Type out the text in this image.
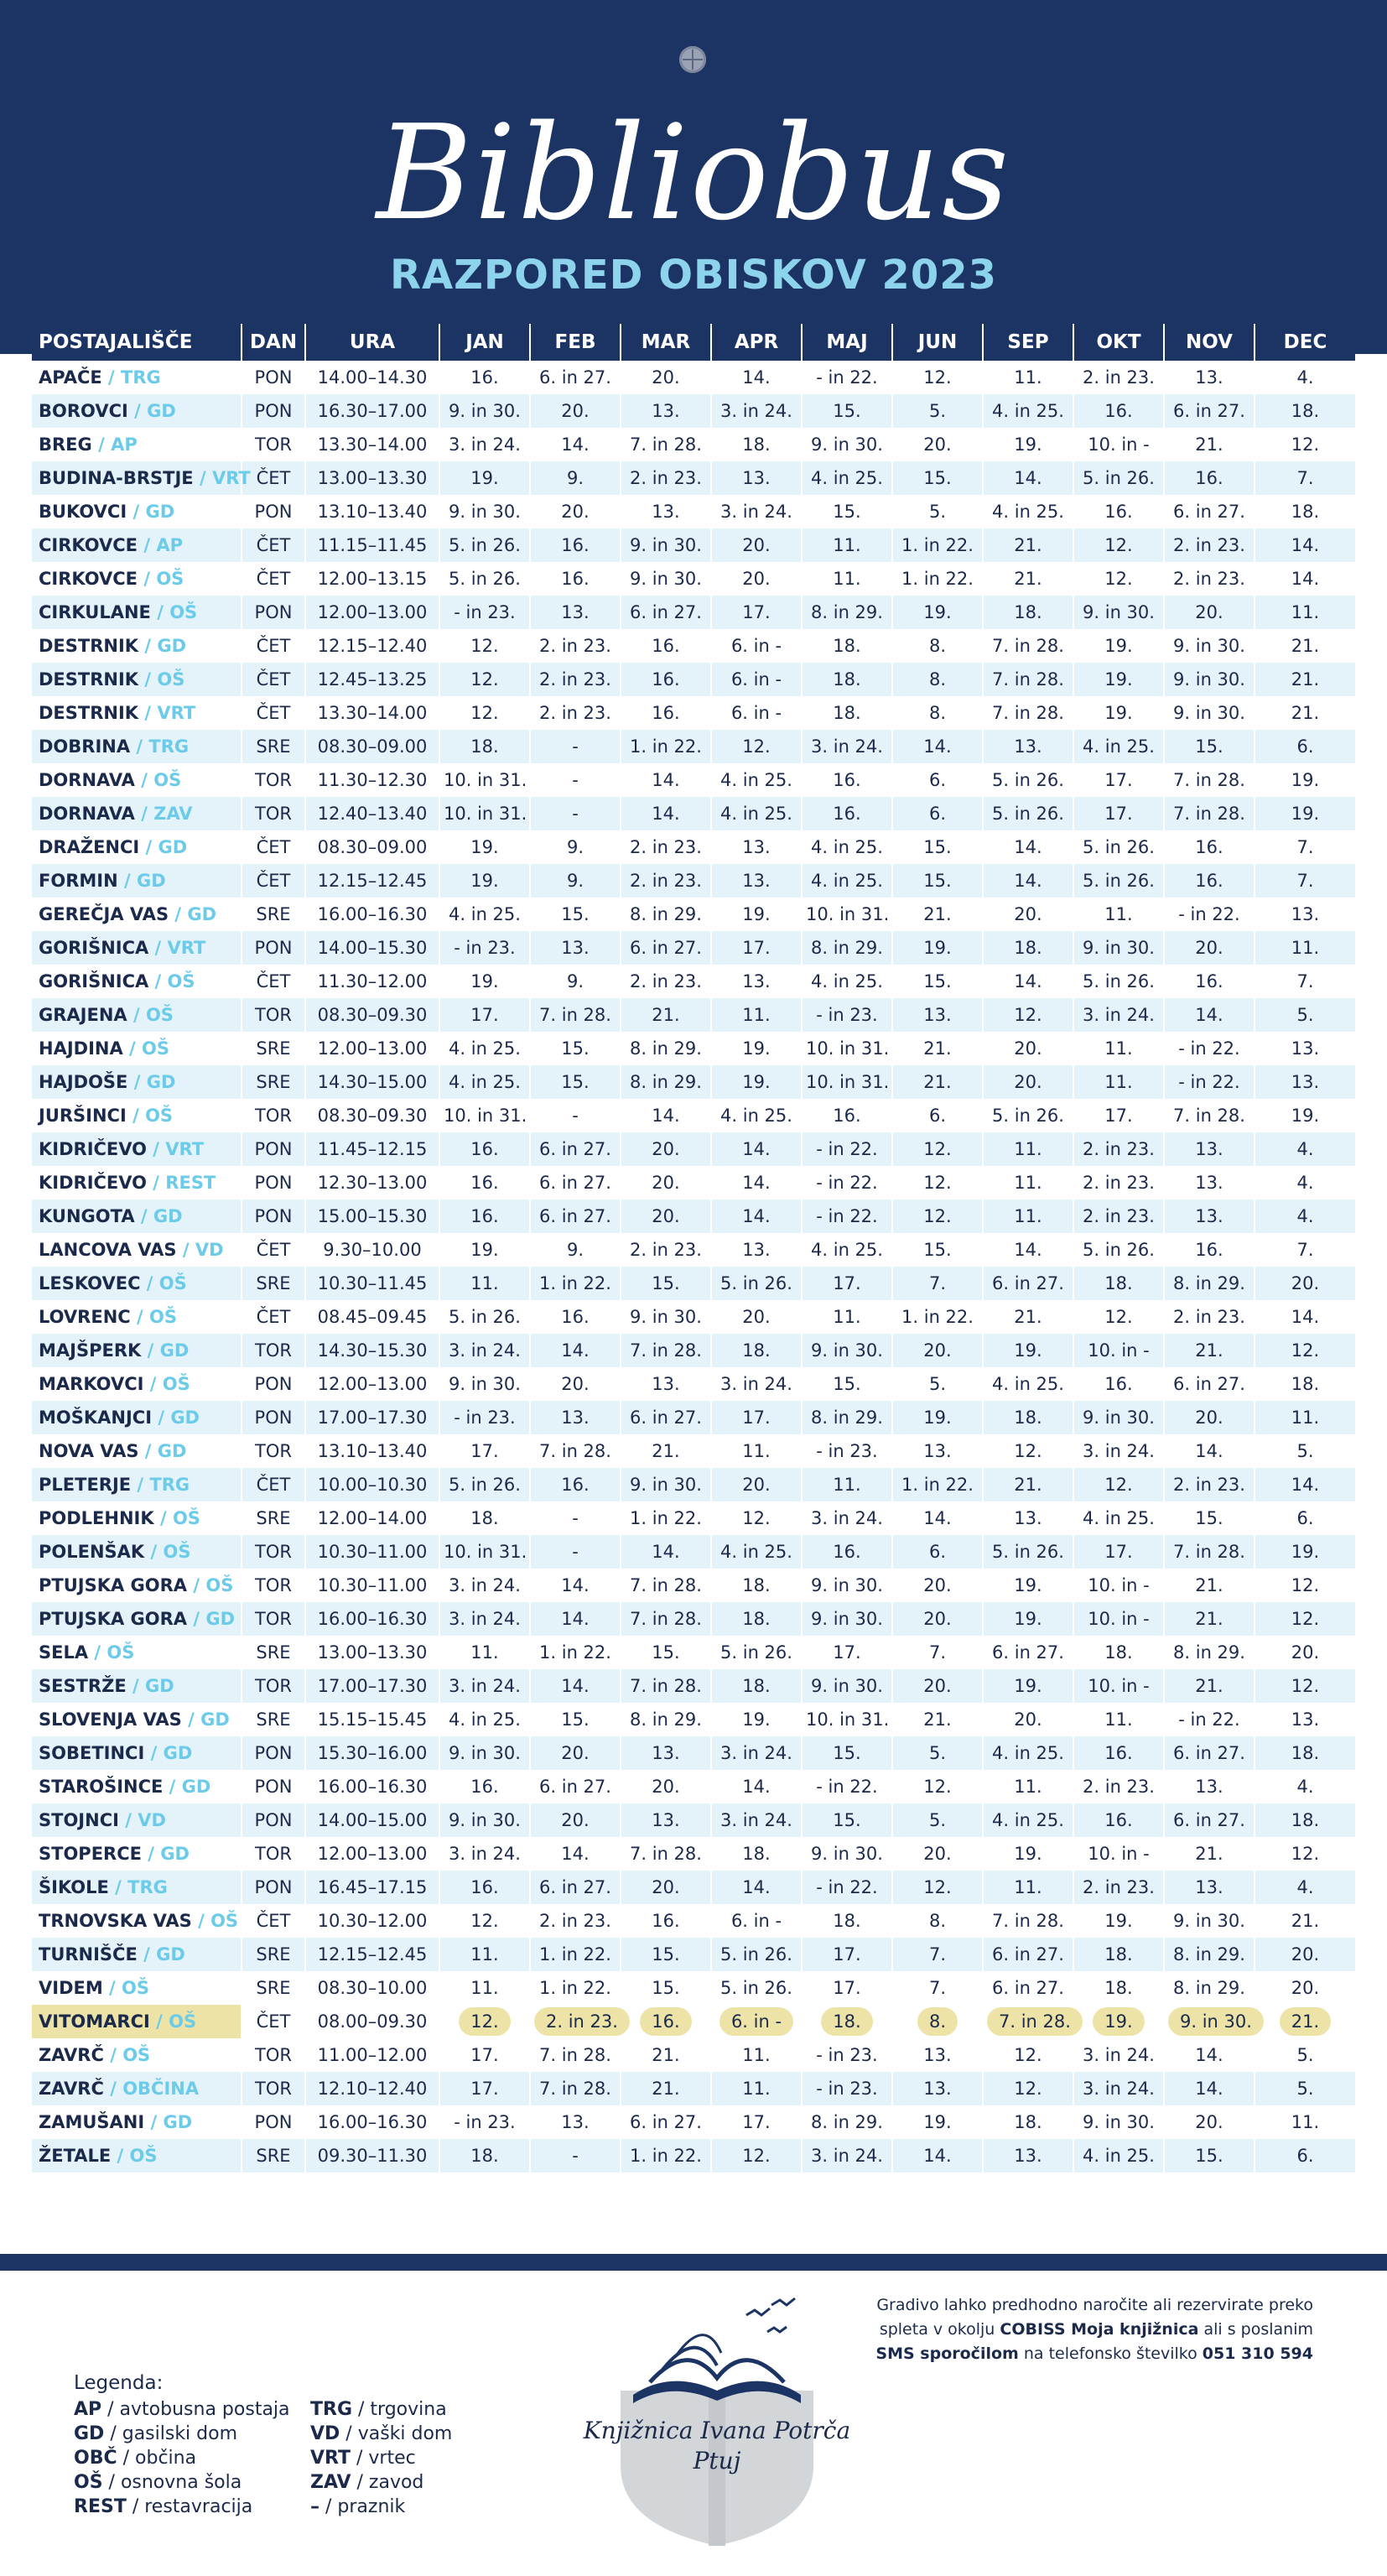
Bibliobus
RAZPORED OBISKOV 2023
POSTAJALIŠČE	DAN	URA	JAN	FEB	MAR	APR	MAJ	JUN	SEP	OKT	NOV	DEC
APAČE / TRG	PON	14.00–14.30	16.	6. in 27.	20.	14.	- in 22.	12.	11.	2. in 23.	13.	4.
BOROVCI / GD	PON	16.30–17.00	9. in 30.	20.	13.	3. in 24.	15.	5.	4. in 25.	16.	6. in 27.	18.
BREG / AP	TOR	13.30–14.00	3. in 24.	14.	7. in 28.	18.	9. in 30.	20.	19.	10. in -	21.	12.
BUDINA-BRSTJE / VRT	ČET	13.00–13.30	19.	9.	2. in 23.	13.	4. in 25.	15.	14.	5. in 26.	16.	7.
BUKOVCI / GD	PON	13.10–13.40	9. in 30.	20.	13.	3. in 24.	15.	5.	4. in 25.	16.	6. in 27.	18.
CIRKOVCE / AP	ČET	11.15–11.45	5. in 26.	16.	9. in 30.	20.	11.	1. in 22.	21.	12.	2. in 23.	14.
CIRKOVCE / OŠ	ČET	12.00–13.15	5. in 26.	16.	9. in 30.	20.	11.	1. in 22.	21.	12.	2. in 23.	14.
CIRKULANE / OŠ	PON	12.00–13.00	- in 23.	13.	6. in 27.	17.	8. in 29.	19.	18.	9. in 30.	20.	11.
DESTRNIK / GD	ČET	12.15–12.40	12.	2. in 23.	16.	6. in -	18.	8.	7. in 28.	19.	9. in 30.	21.
DESTRNIK / OŠ	ČET	12.45–13.25	12.	2. in 23.	16.	6. in -	18.	8.	7. in 28.	19.	9. in 30.	21.
DESTRNIK / VRT	ČET	13.30–14.00	12.	2. in 23.	16.	6. in -	18.	8.	7. in 28.	19.	9. in 30.	21.
DOBRINA / TRG	SRE	08.30–09.00	18.	-	1. in 22.	12.	3. in 24.	14.	13.	4. in 25.	15.	6.
DORNAVA / OŠ	TOR	11.30–12.30	10. in 31.	-	14.	4. in 25.	16.	6.	5. in 26.	17.	7. in 28.	19.
DORNAVA / ZAV	TOR	12.40–13.40	10. in 31.	-	14.	4. in 25.	16.	6.	5. in 26.	17.	7. in 28.	19.
DRAŽENCI / GD	ČET	08.30–09.00	19.	9.	2. in 23.	13.	4. in 25.	15.	14.	5. in 26.	16.	7.
FORMIN / GD	ČET	12.15–12.45	19.	9.	2. in 23.	13.	4. in 25.	15.	14.	5. in 26.	16.	7.
GEREČJA VAS / GD	SRE	16.00–16.30	4. in 25.	15.	8. in 29.	19.	10. in 31.	21.	20.	11.	- in 22.	13.
GORIŠNICA / VRT	PON	14.00–15.30	- in 23.	13.	6. in 27.	17.	8. in 29.	19.	18.	9. in 30.	20.	11.
GORIŠNICA / OŠ	ČET	11.30–12.00	19.	9.	2. in 23.	13.	4. in 25.	15.	14.	5. in 26.	16.	7.
GRAJENA / OŠ	TOR	08.30–09.30	17.	7. in 28.	21.	11.	- in 23.	13.	12.	3. in 24.	14.	5.
HAJDINA / OŠ	SRE	12.00–13.00	4. in 25.	15.	8. in 29.	19.	10. in 31.	21.	20.	11.	- in 22.	13.
HAJDOŠE / GD	SRE	14.30–15.00	4. in 25.	15.	8. in 29.	19.	10. in 31.	21.	20.	11.	- in 22.	13.
JURŠINCI / OŠ	TOR	08.30–09.30	10. in 31.	-	14.	4. in 25.	16.	6.	5. in 26.	17.	7. in 28.	19.
KIDRIČEVO / VRT	PON	11.45–12.15	16.	6. in 27.	20.	14.	- in 22.	12.	11.	2. in 23.	13.	4.
KIDRIČEVO / REST	PON	12.30–13.00	16.	6. in 27.	20.	14.	- in 22.	12.	11.	2. in 23.	13.	4.
KUNGOTA / GD	PON	15.00–15.30	16.	6. in 27.	20.	14.	- in 22.	12.	11.	2. in 23.	13.	4.
LANCOVA VAS / VD	ČET	9.30–10.00	19.	9.	2. in 23.	13.	4. in 25.	15.	14.	5. in 26.	16.	7.
LESKOVEC / OŠ	SRE	10.30–11.45	11.	1. in 22.	15.	5. in 26.	17.	7.	6. in 27.	18.	8. in 29.	20.
LOVRENC / OŠ	ČET	08.45–09.45	5. in 26.	16.	9. in 30.	20.	11.	1. in 22.	21.	12.	2. in 23.	14.
MAJŠPERK / GD	TOR	14.30–15.30	3. in 24.	14.	7. in 28.	18.	9. in 30.	20.	19.	10. in -	21.	12.
MARKOVCI / OŠ	PON	12.00–13.00	9. in 30.	20.	13.	3. in 24.	15.	5.	4. in 25.	16.	6. in 27.	18.
MOŠKANJCI / GD	PON	17.00–17.30	- in 23.	13.	6. in 27.	17.	8. in 29.	19.	18.	9. in 30.	20.	11.
NOVA VAS / GD	TOR	13.10–13.40	17.	7. in 28.	21.	11.	- in 23.	13.	12.	3. in 24.	14.	5.
PLETERJE / TRG	ČET	10.00–10.30	5. in 26.	16.	9. in 30.	20.	11.	1. in 22.	21.	12.	2. in 23.	14.
PODLEHNIK / OŠ	SRE	12.00–14.00	18.	-	1. in 22.	12.	3. in 24.	14.	13.	4. in 25.	15.	6.
POLENŠAK / OŠ	TOR	10.30–11.00	10. in 31.	-	14.	4. in 25.	16.	6.	5. in 26.	17.	7. in 28.	19.
PTUJSKA GORA / OŠ	TOR	10.30–11.00	3. in 24.	14.	7. in 28.	18.	9. in 30.	20.	19.	10. in -	21.	12.
PTUJSKA GORA / GD	TOR	16.00–16.30	3. in 24.	14.	7. in 28.	18.	9. in 30.	20.	19.	10. in -	21.	12.
SELA / OŠ	SRE	13.00–13.30	11.	1. in 22.	15.	5. in 26.	17.	7.	6. in 27.	18.	8. in 29.	20.
SESTRŽE / GD	TOR	17.00–17.30	3. in 24.	14.	7. in 28.	18.	9. in 30.	20.	19.	10. in -	21.	12.
SLOVENJA VAS / GD	SRE	15.15–15.45	4. in 25.	15.	8. in 29.	19.	10. in 31.	21.	20.	11.	- in 22.	13.
SOBETINCI / GD	PON	15.30–16.00	9. in 30.	20.	13.	3. in 24.	15.	5.	4. in 25.	16.	6. in 27.	18.
STAROŠINCE / GD	PON	16.00–16.30	16.	6. in 27.	20.	14.	- in 22.	12.	11.	2. in 23.	13.	4.
STOJNCI / VD	PON	14.00–15.00	9. in 30.	20.	13.	3. in 24.	15.	5.	4. in 25.	16.	6. in 27.	18.
STOPERCE / GD	TOR	12.00–13.00	3. in 24.	14.	7. in 28.	18.	9. in 30.	20.	19.	10. in -	21.	12.
ŠIKOLE / TRG	PON	16.45–17.15	16.	6. in 27.	20.	14.	- in 22.	12.	11.	2. in 23.	13.	4.
TRNOVSKA VAS / OŠ	ČET	10.30–12.00	12.	2. in 23.	16.	6. in -	18.	8.	7. in 28.	19.	9. in 30.	21.
TURNIŠČE / GD	SRE	12.15–12.45	11.	1. in 22.	15.	5. in 26.	17.	7.	6. in 27.	18.	8. in 29.	20.
VIDEM / OŠ	SRE	08.30–10.00	11.	1. in 22.	15.	5. in 26.	17.	7.	6. in 27.	18.	8. in 29.	20.
VITOMARCI / OŠ	ČET	08.00–09.30	12.	2. in 23.	16.	6. in -	18.	8.	7. in 28.	19.	9. in 30.	21.
ZAVRČ / OŠ	TOR	11.00–12.00	17.	7. in 28.	21.	11.	- in 23.	13.	12.	3. in 24.	14.	5.
ZAVRČ / OBČINA	TOR	12.10–12.40	17.	7. in 28.	21.	11.	- in 23.	13.	12.	3. in 24.	14.	5.
ZAMUŠANI / GD	PON	16.00–16.30	- in 23.	13.	6. in 27.	17.	8. in 29.	19.	18.	9. in 30.	20.	11.
ŽETALE / OŠ	SRE	09.30–11.30	18.	-	1. in 22.	12.	3. in 24.	14.	13.	4. in 25.	15.	6.
Gradivo lahko predhodno naročite ali rezervirate preko
spleta v okolju COBISS Moja knjižnica ali s poslanim
SMS sporočilom na telefonsko številko 051 310 594
Legenda:
AP / avtobusna postaja
GD / gasilski dom
OBČ / občina
OŠ / osnovna šola
REST / restavracija
TRG / trgovina
VD / vaški dom
VRT / vrtec
ZAV / zavod
– / praznik
Knjižnica Ivana Potrča
Ptuj
